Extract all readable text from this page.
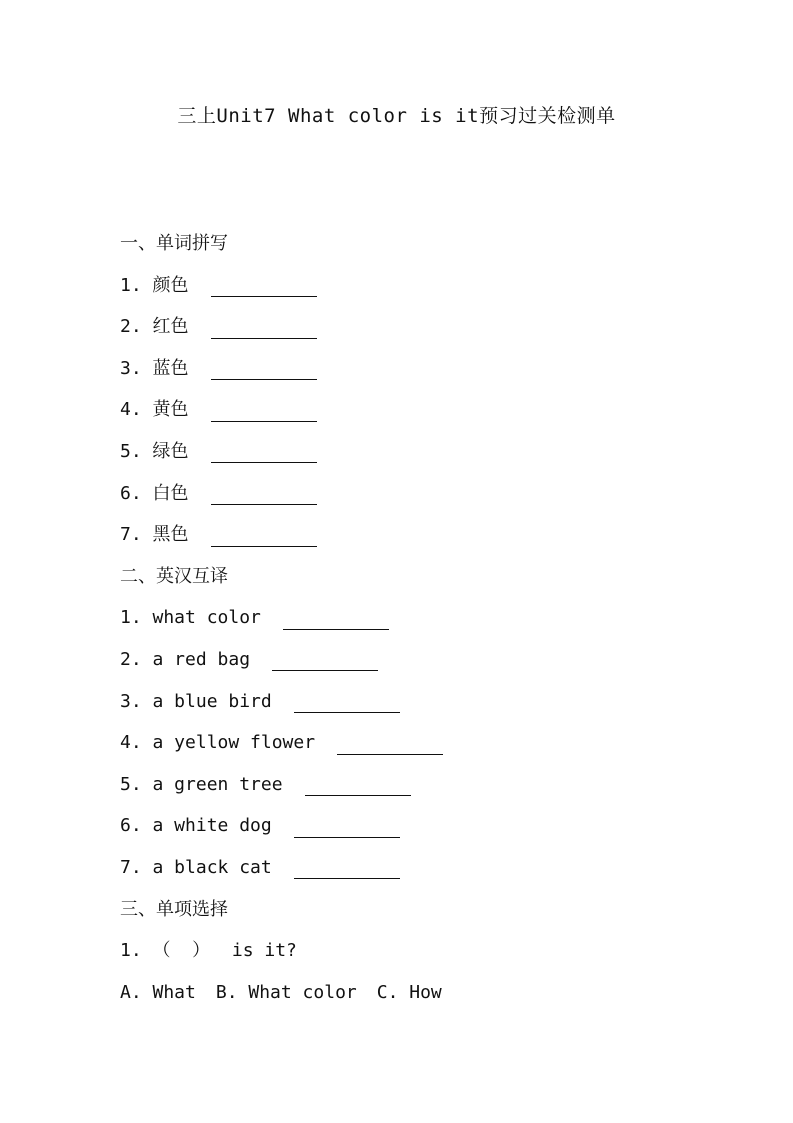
三上Unit7 What color is it预习过关检测单
一、单词拼写
1. 颜色
2. 红色
3. 蓝色
4. 黄色
5. 绿色
6. 白色
7. 黑色
二、英汉互译
1. what color
2. a red bag
3. a blue bird
4. a yellow flower
5. a green tree
6. a white dog
7. a black cat
三、单项选择
1. （  ）  is it?
A. What B. What color C. How
